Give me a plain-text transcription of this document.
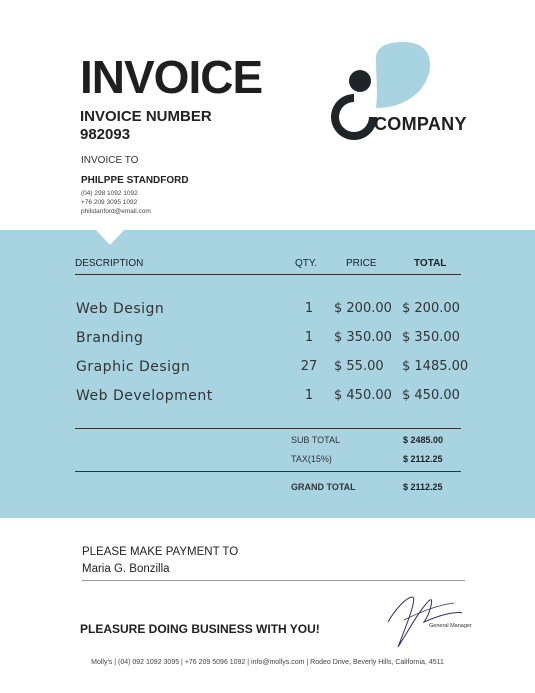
INVOICE
INVOICE NUMBER
982093
INVOICE TO
PHILPPE STANDFORD
(04) 298 1092 1092
+76 209 3095 1092
philstanford@email.com
COMPANY
DESCRIPTION	QTY.	PRICE	TOTAL
Web Design	1	$ 200.00 $ 200.00
Branding	1	$ 350.00 $ 350.00
Graphic Design	27 $ 55.00 $ 1485.00
Web Development	1	$ 450.00 $ 450.00
SUB TOTAL	$ 2485.00
TAX(15%)	$ 2112.25
GRAND TOTAL	$ 2112.25
PLEASE MAKE PAYMENT TO
Maria G. Bonzilla
PLEASURE DOING BUSINESS WITH YOU!	General Manager
Molly's | (04) 092 1092 3095 | +76 209 5096 1092 | info@mollys.com | Rodeo Drive, Beverly Hills, California, 4511
